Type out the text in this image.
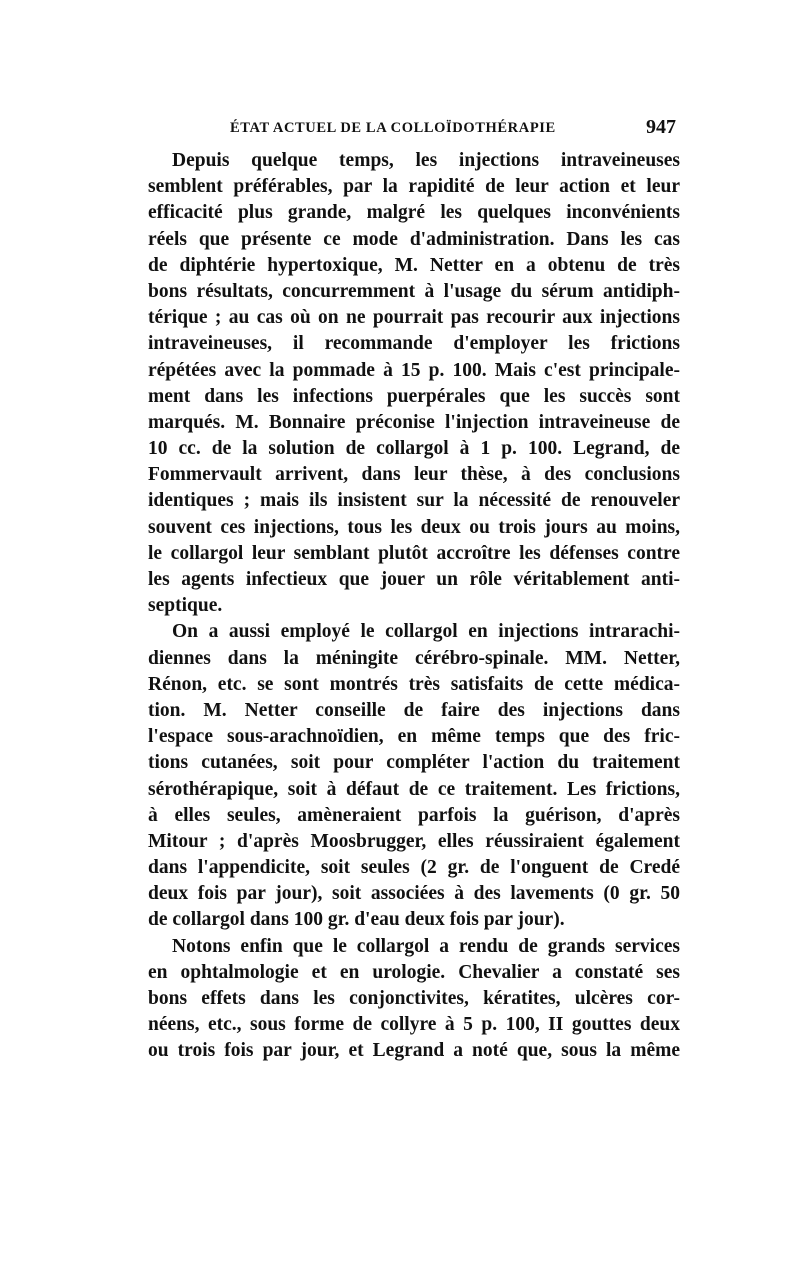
ÉTAT ACTUEL DE LA COLLOÏDOTHÉRAPIE	947
Depuis quelque temps, les injections intraveineuses
semblent préférables, par la rapidité de leur action et leur
efficacité plus grande, malgré les quelques inconvénients
réels que présente ce mode d'administration. Dans les cas
de diphtérie hypertoxique, M. Netter en a obtenu de très
bons résultats, concurremment à l'usage du sérum antidiph-
térique ; au cas où on ne pourrait pas recourir aux injections
intraveineuses, il recommande d'employer les frictions
répétées avec la pommade à 15 p. 100. Mais c'est principale-
ment dans les infections puerpérales que les succès sont
marqués. M. Bonnaire préconise l'injection intraveineuse de
10 cc. de la solution de collargol à 1 p. 100. Legrand, de
Fommervault arrivent, dans leur thèse, à des conclusions
identiques ; mais ils insistent sur la nécessité de renouveler
souvent ces injections, tous les deux ou trois jours au moins,
le collargol leur semblant plutôt accroître les défenses contre
les agents infectieux que jouer un rôle véritablement anti-
septique.
On a aussi employé le collargol en injections intrarachi-
diennes dans la méningite cérébro-spinale. MM. Netter,
Rénon, etc. se sont montrés très satisfaits de cette médica-
tion. M. Netter conseille de faire des injections dans
l'espace sous-arachnoïdien, en même temps que des fric-
tions cutanées, soit pour compléter l'action du traitement
sérothérapique, soit à défaut de ce traitement. Les frictions,
à elles seules, amèneraient parfois la guérison, d'après
Mitour ; d'après Moosbrugger, elles réussiraient également
dans l'appendicite, soit seules (2 gr. de l'onguent de Credé
deux fois par jour), soit associées à des lavements (0 gr. 50
de collargol dans 100 gr. d'eau deux fois par jour).
Notons enfin que le collargol a rendu de grands services
en ophtalmologie et en urologie. Chevalier a constaté ses
bons effets dans les conjonctivites, kératites, ulcères cor-
néens, etc., sous forme de collyre à 5 p. 100, II gouttes deux
ou trois fois par jour, et Legrand a noté que, sous la même
